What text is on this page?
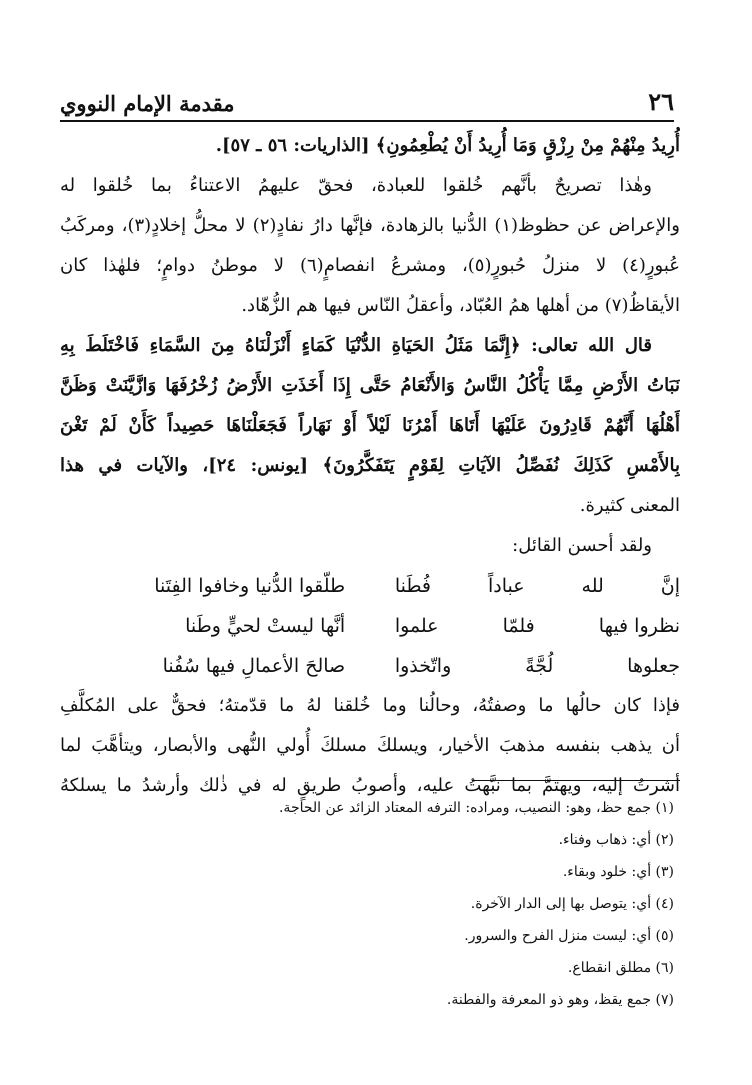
٢٦
مقدمة الإمام النووي
أُرِيدُ مِنْهُمْ مِنْ رِزْقٍ وَمَا أُرِيدُ أَنْ يُطْعِمُونِ﴾ [الذاريات: ٥٦ ـ ٥٧].
وهٰذا تصريحٌ بأنَّهم خُلقوا للعبادة، فحقّ عليهمُ الاعتناءُ بما خُلقوا له
والإعراض عن حظوظ(١) الدُّنيا بالزهادة، فإنَّها دارُ نفادٍ(٢) لا محلُّ إخلادٍ(٣)، ومركَبُ
عُبورٍ(٤) لا منزلُ حُبورٍ(٥)، ومشرعُ انفصامٍ(٦) لا موطنُ دوامٍ؛ فلهٰذا كان
الأيقاظُ(٧) من أهلها همُ العُبّاد، وأعقلُ النّاس فيها هم الزُّهّاد.
قال الله تعالى: ﴿إِنَّمَا مَثَلُ الحَيَاةِ الدُّنْيَا كَمَاءٍ أَنْزَلْنَاهُ مِنَ السَّمَاءِ فَاخْتَلَطَ بِهِ
نَبَاتُ الأَرْضِ مِمَّا يَأْكُلُ النَّاسُ وَالأَنْعَامُ حَتَّى إِذَا أَخَذَتِ الأَرْضُ زُخْرُفَهَا وَازَّيَّنَتْ وَظَنَّ
أَهْلُهَا أَنَّهُمْ قَادِرُونَ عَلَيْهَا أَتَاهَا أَمْرُنَا لَيْلاً أَوْ نَهَاراً فَجَعَلْنَاهَا حَصِيداً كَأَنْ لَمْ تَغْنَ
بِالأَمْسِ كَذَلِكَ نُفَصِّلُ الآيَاتِ لِقَوْمٍ يَتَفَكَّرُونَ﴾ [يونس: ٢٤]، والآيات في هذا
المعنى كثيرة.
ولقد أحسن القائل:
إنَّ
لله
عباداً
فُطَنا
طلّقوا الدُّنيا وخافوا الفِتَنا
نظروا فيها
فلمّا
علموا
أنَّها ليستْ لحيٍّ وطَنا
جعلوها
لُجَّةً
واتّخذوا
صالحَ الأعمالِ فيها سُفُنا
فإذا كان حالُها ما وصفتُهُ، وحالُنا وما خُلقنا لهُ ما قدّمتهُ؛ فحقٌّ على المُكلَّفِ
أن يذهب بنفسه مذهبَ الأخيار، ويسلكَ مسلكَ أُولي النُّهى والأبصار، ويتأهَّبَ لما
أشرتُ إليه، ويهتمَّ بما نبَّهتُ عليه، وأصوبُ طريقٍ له في ذٰلك وأرشدُ ما يسلكهُ
(١) جمع حظ، وهو: النصيب، ومراده: الترفه المعتاد الزائد عن الحاجة.
(٢) أي: ذهاب وفناء.
(٣) أي: خلود وبقاء.
(٤) أي: يتوصل بها إلى الدار الآخرة.
(٥) أي: ليست منزل الفرح والسرور.
(٦) مطلق انقطاع.
(٧) جمع يقظ، وهو ذو المعرفة والفطنة.
